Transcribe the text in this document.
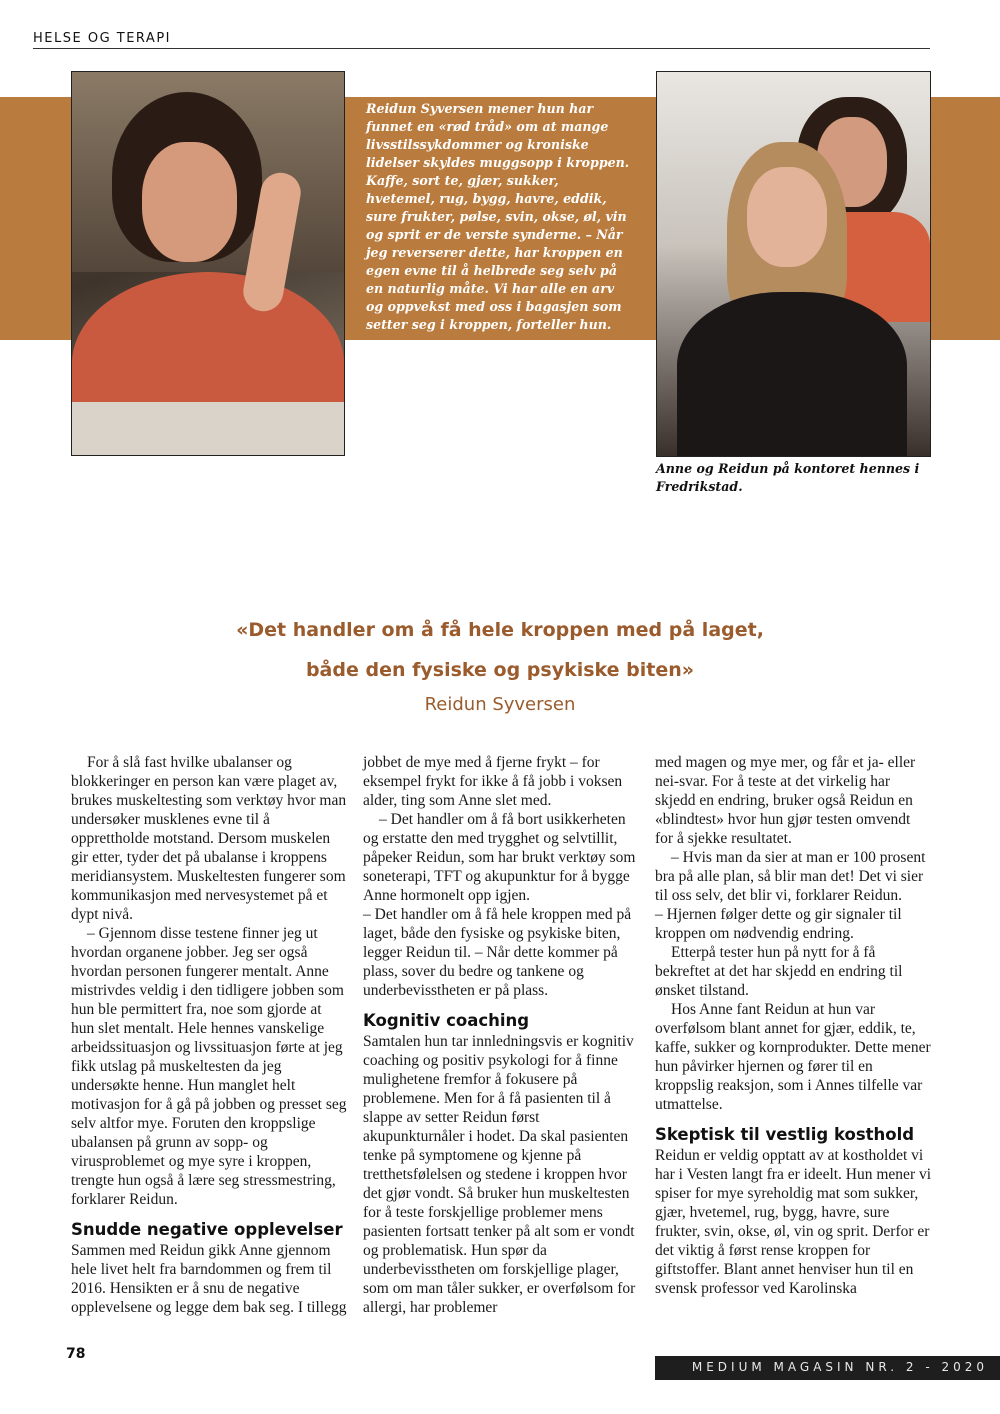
HELSE OG TERAPI
Reidun Syversen mener hun har funnet en «rød tråd» om at mange livsstilssykdommer og kroniske lidelser skyldes muggsopp i kroppen. Kaffe, sort te, gjær, sukker, hvetemel, rug, bygg, havre, eddik, sure frukter, pølse, svin, okse, øl, vin og sprit er de verste synderne. – Når jeg reverserer dette, har kroppen en egen evne til å helbrede seg selv på en naturlig måte. Vi har alle en arv og oppvekst med oss i bagasjen som setter seg i kroppen, forteller hun.
Anne og Reidun på kontoret hennes i Fredrikstad.
«Det handler om å få hele kroppen med på laget,
både den fysiske og psykiske biten»
Reidun Syversen

For å slå fast hvilke ubalanser og blokkeringer en person kan være plaget av, brukes muskeltesting som verktøy hvor man undersøker musklenes evne til å opprettholde motstand. Dersom muskelen gir etter, tyder det på ubalanse i kroppens meridiansystem. Muskeltesten fungerer som kommunikasjon med nervesystemet på et dypt nivå.

– Gjennom disse testene finner jeg ut hvordan organene jobber. Jeg ser også hvordan personen fungerer mentalt. Anne mistrivdes veldig i den tidligere jobben som hun ble permittert fra, noe som gjorde at hun slet mentalt. Hele hennes vanskelige arbeidssituasjon og livssituasjon førte at jeg fikk utslag på muskeltesten da jeg undersøkte henne. Hun manglet helt motivasjon for å gå på jobben og presset seg selv altfor mye. Foruten den kroppslige ubalansen på grunn av sopp- og virusproblemet og mye syre i kroppen, trengte hun også å lære seg stressmestring, forklarer Reidun.

Snudde negative opplevelser

Sammen med Reidun gikk Anne gjennom hele livet helt fra barndommen og frem til 2016. Hensikten er å snu de negative opplevelsene og legge dem bak seg. I tillegg

jobbet de mye med å fjerne frykt – for eksempel frykt for ikke å få jobb i voksen alder, ting som Anne slet med.

– Det handler om å få bort usikkerheten og erstatte den med trygghet og selvtillit, påpeker Reidun, som har brukt verktøy som soneterapi, TFT og akupunktur for å bygge Anne hormonelt opp igjen.

– Det handler om å få hele kroppen med på laget, både den fysiske og psykiske biten, legger Reidun til. – Når dette kommer på plass, sover du bedre og tankene og underbevisstheten er på plass.

Kognitiv coaching

Samtalen hun tar innledningsvis er kognitiv coaching og positiv psykologi for å finne mulighetene fremfor å fokusere på problemene. Men for å få pasienten til å slappe av setter Reidun først akupunkturnåler i hodet. Da skal pasienten tenke på symptomene og kjenne på tretthetsfølelsen og stedene i kroppen hvor det gjør vondt. Så bruker hun muskeltesten for å teste forskjellige problemer mens pasienten fortsatt tenker på alt som er vondt og problematisk. Hun spør da underbevisstheten om forskjellige plager, som om man tåler sukker, er overfølsom for allergi, har problemer

med magen og mye mer, og får et ja- eller nei-svar. For å teste at det virkelig har skjedd en endring, bruker også Reidun en «blindtest» hvor hun gjør testen omvendt for å sjekke resultatet.

– Hvis man da sier at man er 100 prosent bra på alle plan, så blir man det! Det vi sier til oss selv, det blir vi, forklarer Reidun.

– Hjernen følger dette og gir signaler til kroppen om nødvendig endring.

Etterpå tester hun på nytt for å få bekreftet at det har skjedd en endring til ønsket tilstand.

Hos Anne fant Reidun at hun var overfølsom blant annet for gjær, eddik, te, kaffe, sukker og kornprodukter. Dette mener hun påvirker hjernen og fører til en kroppslig reaksjon, som i Annes tilfelle var utmattelse.

Skeptisk til vestlig kosthold

Reidun er veldig opptatt av at kostholdet vi har i Vesten langt fra er ideelt. Hun mener vi spiser for mye syreholdig mat som sukker, gjær, hvetemel, rug, bygg, havre, sure frukter, svin, okse, øl, vin og sprit. Derfor er det viktig å først rense kroppen for giftstoffer. Blant annet henviser hun til en svensk professor ved Karolinska

78
MEDIUM MAGASIN NR. 2 - 2020
